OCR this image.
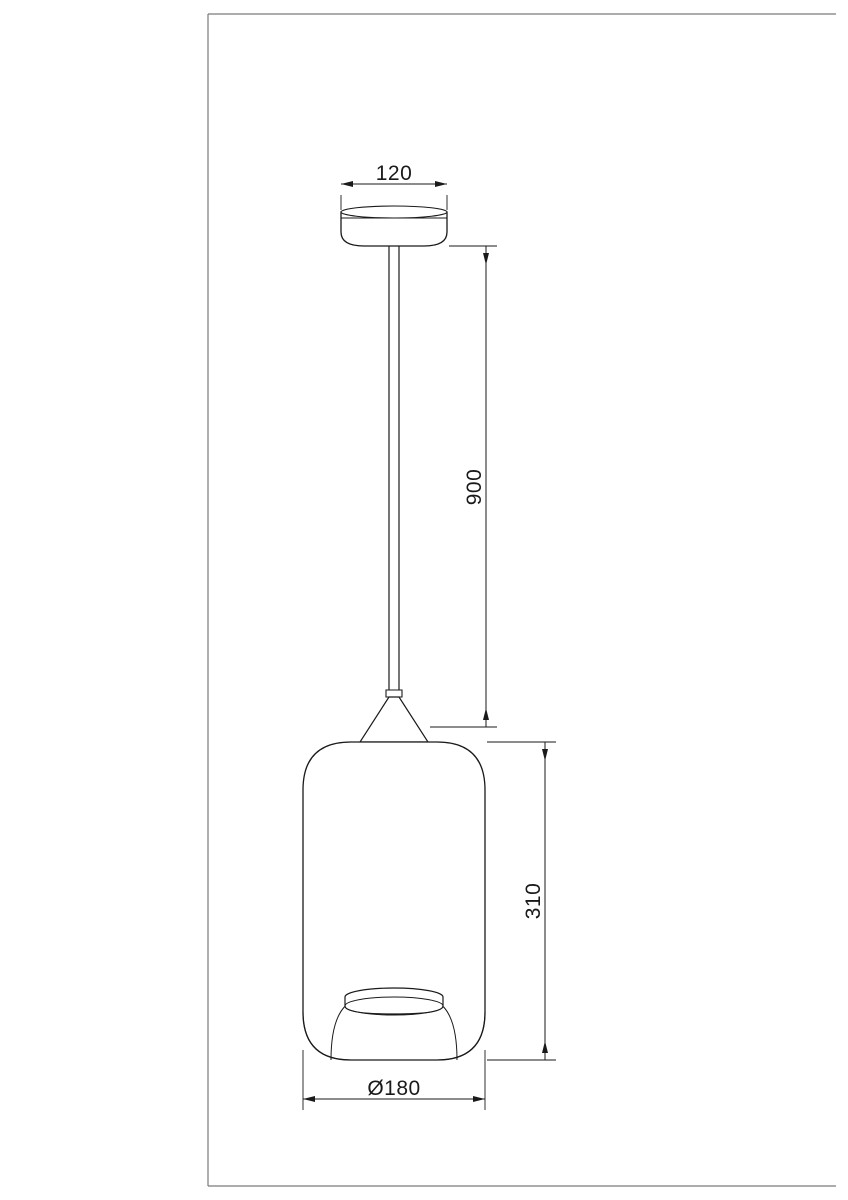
120
900
310
Ø180
